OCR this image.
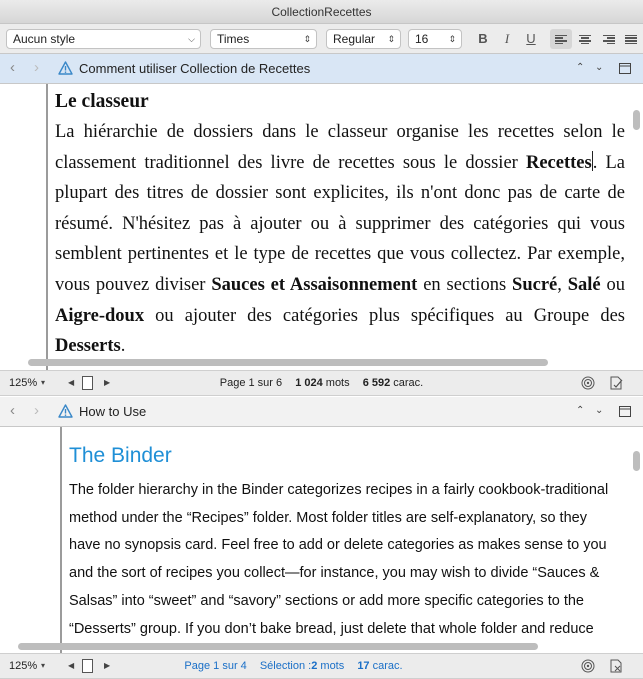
CollectionRecettes
Aucun style	⌵	Times	⇕	Regular ⇕	16 ⇕	B	I	U
‹ ›	Comment utiliser Collection de Recettes	⌃ ⌄
Le classeur

La hiérarchie de dossiers dans le classeur organise les recettes selon le classement traditionnel des livre de recettes sous le dossier Recettes. La plupart des titres de dossier sont explicites, ils n'ont donc pas de carte de résumé. N'hésitez pas à ajouter ou à supprimer des catégories qui vous semblent pertinentes et le type de recettes que vous collectez. Par exemple, vous pouvez diviser Sauces et Assaisonnement en sections Sucré, Salé ou Aigre-doux ou ajouter des catégories plus spécifiques au Groupe des Desserts.

125% ▾	◀	▶	Page 1 sur 6 1 024 mots 6 592 carac.
‹ ›	How to Use	⌃ ⌄
The Binder
The folder hierarchy in the Binder categorizes recipes in a fairly cookbook-traditional
method under the “Recipes” folder. Most folder titles are self-explanatory, so they
have no synopsis card. Feel free to add or delete categories as makes sense to you
and the sort of recipes you collect—for instance, you may wish to divide “Sauces &
Salsas” into “sweet” and “savory” sections or add more specific categories to the
“Desserts” group. If you don’t bake bread, just delete that whole folder and reduce
125% ▾	◀	▶	Page 1 sur 4 Sélection :2 mots 17 carac.
